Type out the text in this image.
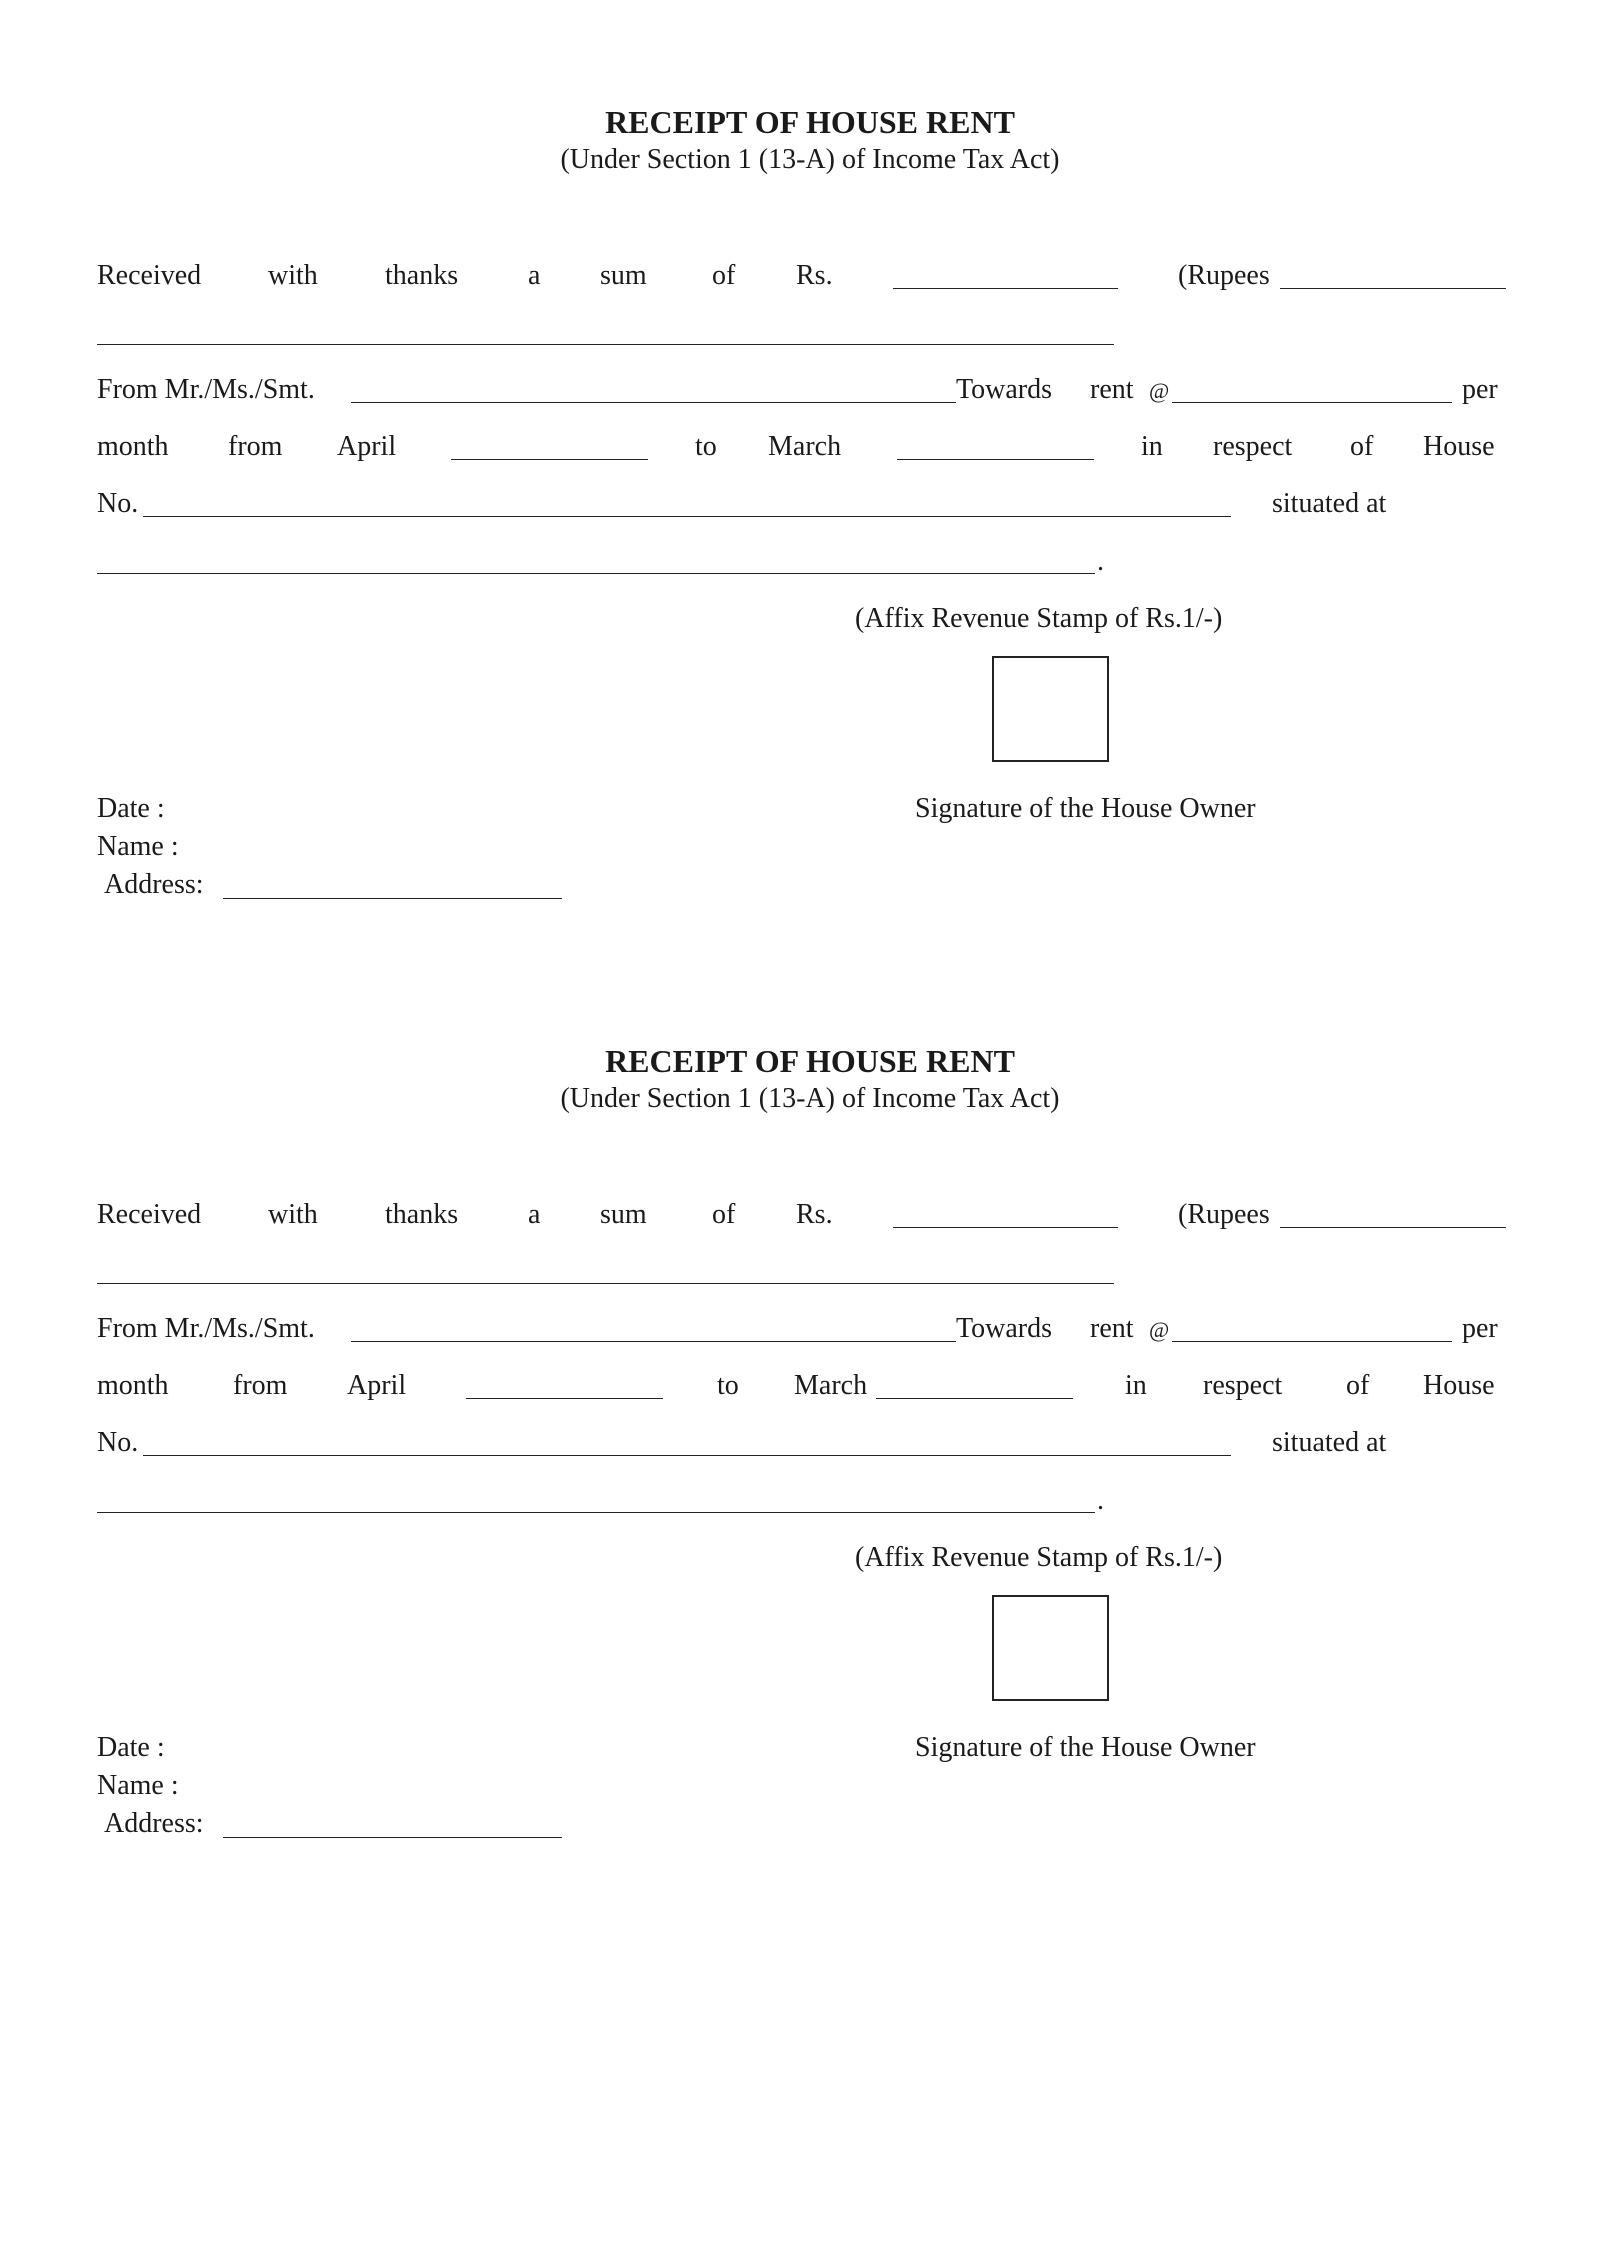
RECEIPT OF HOUSE RENT
(Under Section 1 (13-A) of Income Tax Act)
Received with thanks a sum of Rs.	(Rupees
From Mr./Ms./Smt.	Towards rent @	per
month from April	to March	in respect of House
No.	situated at
.
(Affix Revenue Stamp of Rs.1/-)
Date :	Signature of the House Owner
Name :
Address:
RECEIPT OF HOUSE RENT
(Under Section 1 (13-A) of Income Tax Act)
Received with thanks a sum of Rs.	(Rupees
From Mr./Ms./Smt.	Towards rent @	per
month from April	to March	in respect of House
No.	situated at
.
(Affix Revenue Stamp of Rs.1/-)
Date :	Signature of the House Owner
Name :
Address:
